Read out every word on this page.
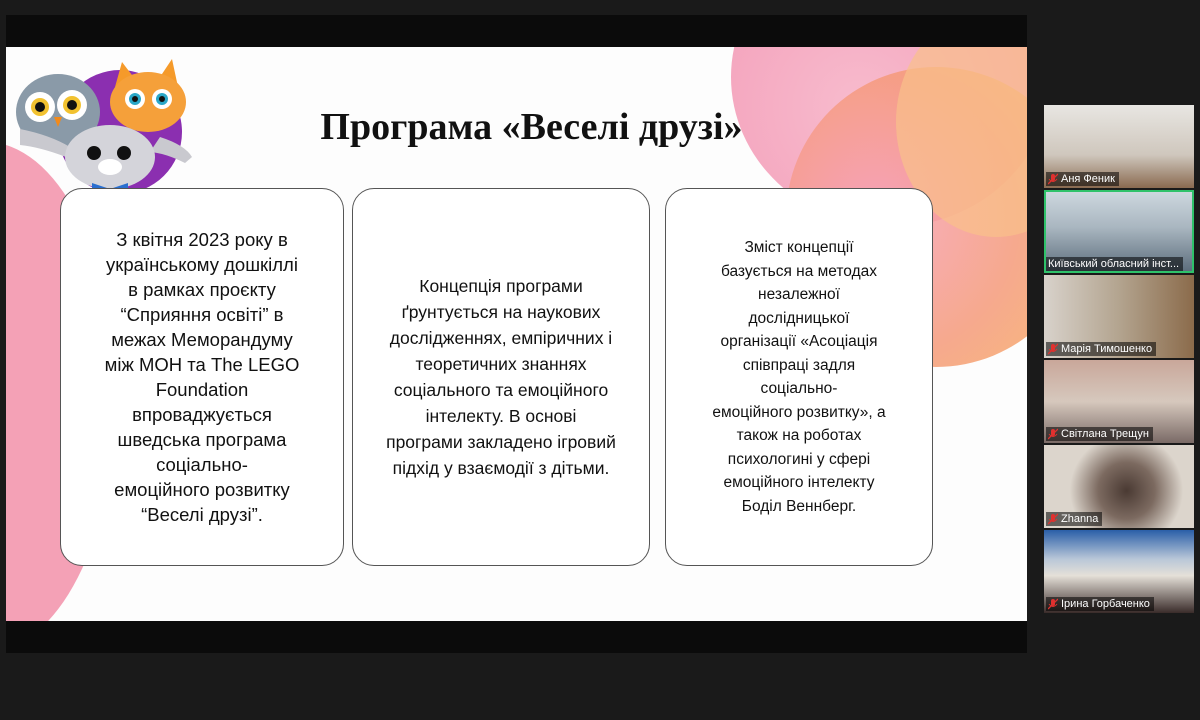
Програма «Веселі друзі»
З квітня 2023 року в
українському дошкіллі
в рамках проєкту
“Сприяння освіті” в
межах Меморандуму
між МОН та The LEGO
Foundation
впроваджується
шведська програма
соціально-
емоційного розвитку
“Веселі друзі”.
Концепція програми
ґрунтується на наукових
дослідженнях, емпіричних і
теоретичних знаннях
соціального та емоційного
інтелекту. В основі
програми закладено ігровий
підхід у взаємодії з дітьми.
Зміст концепції
базується на методах
незалежної
дослідницької
організації «Асоціація
співпраці задля
соціально-
емоційного розвитку», а
також на роботах
психологині у сфері
емоційного інтелекту
Боділ Веннберг.
Аня Феник
Київський обласний інст...
Марія Тимошенко
Світлана Трещун
Zhanna
Ірина Горбаченко
